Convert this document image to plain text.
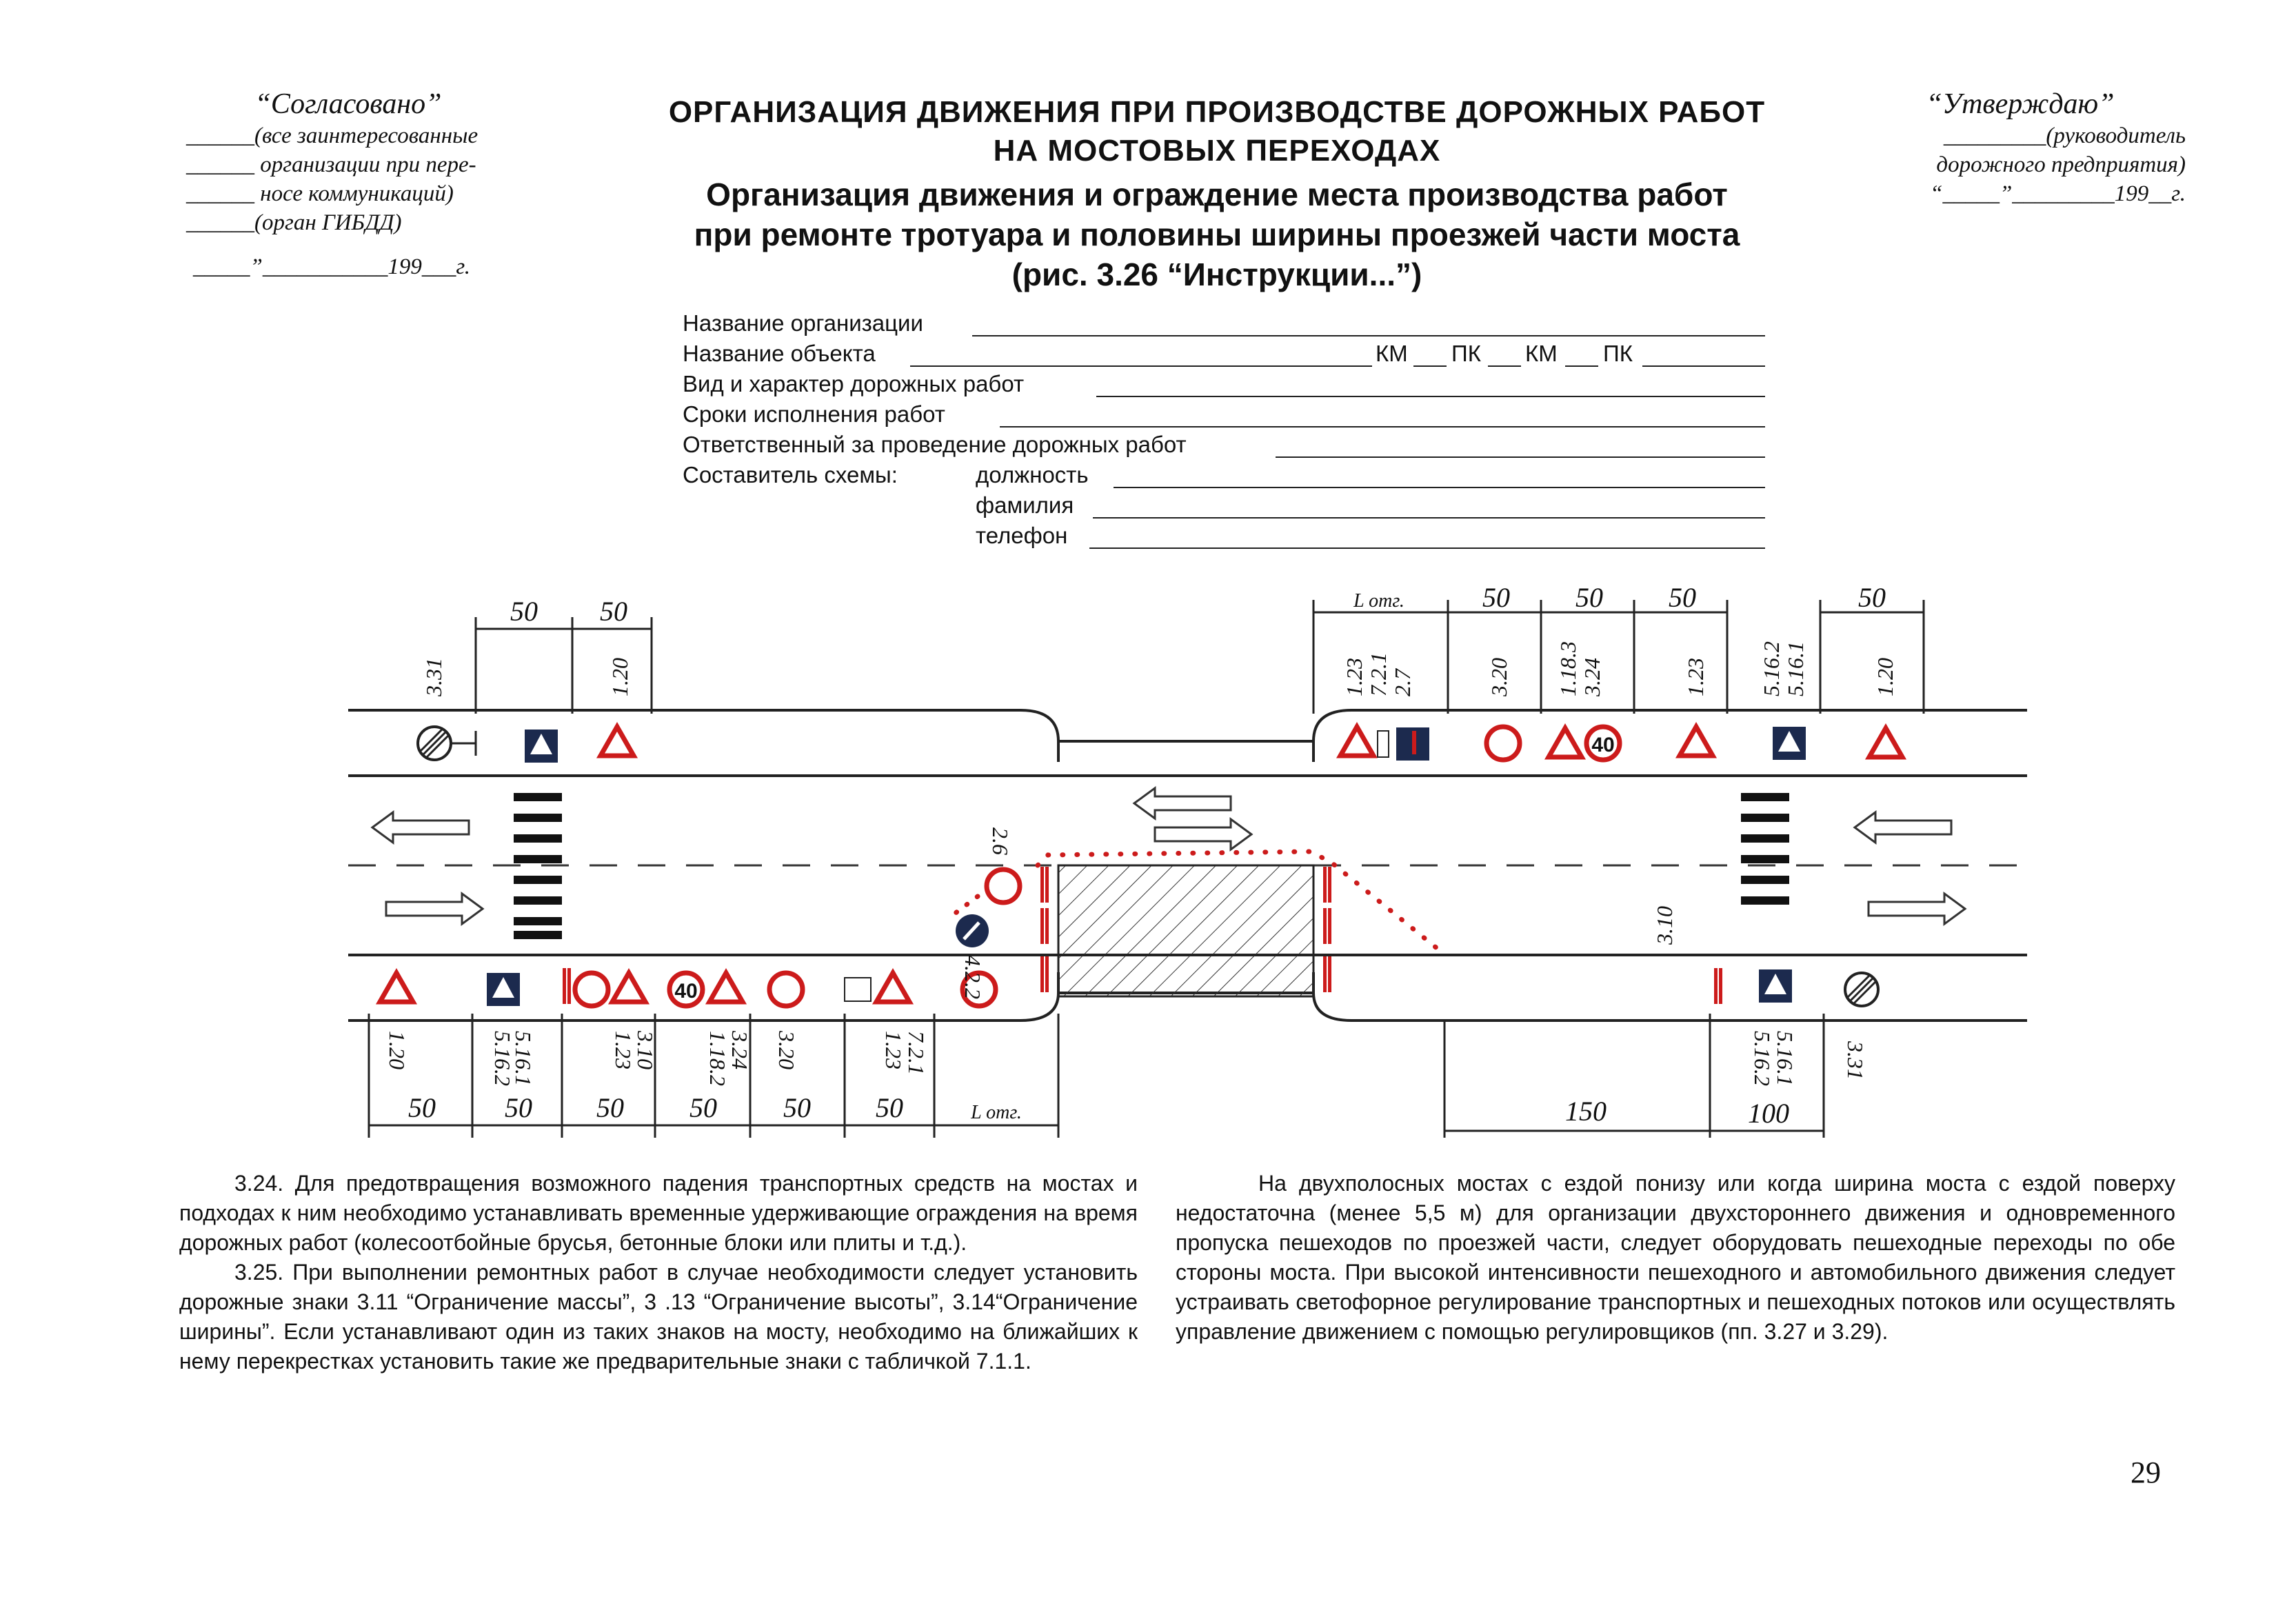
“Согласовано”
______(все заинтересованные
______ организации при пере-
______ носе коммуникаций)
______(орган ГИБДД)
_____”___________199___г.
ОРГАНИЗАЦИЯ ДВИЖЕНИЯ ПРИ ПРОИЗВОДСТВЕ ДОРОЖНЫХ РАБОТ
НА МОСТОВЫХ ПЕРЕХОДАХ
Организация движения и ограждение места производства работ
при ремонте тротуара и половины ширины проезжей части моста
(рис. 3.26 “Инструкции...”)
“Утверждаю”
_________(руководитель
дорожного предприятия)
“_____”_________199__г.
Название организации
Название объекта	КМ ПК КМ ПК
Вид и характер дорожных работ
Сроки исполнения работ
Ответственный за проведение дорожных работ
Составитель схемы:	должность
фамилия
телефон
40
40
50 50	L отг.	50 50 50	50
50	50 50 50 50 50	L отг.	150	100
3.31	1.20	1.23 7.2.1 2.7	3.20 1.18.3 3.24	1.23 5.16.2 5.16.1	1.20
1.20	5.16.2
5.16.1	1.23
3.10 1.18.2
3.24 3.20	1.23
7.2.1	5.16.2
5.16.1 3.31
2.6
4.2.2
3.10
3.24. Для предотвращения возможного падения транспортных средств на мостах и подходах к ним необходимо устанавливать временные удерживающие ограждения на время дорожных работ (колесоотбойные брусья, бетонные блоки или плиты и т.д.).
3.25. При выполнении ремонтных работ в случае необходимости следует установить дорожные знаки 3.11 “Ограничение массы”, 3 .13 “Ограничение высоты”, 3.14“Ограничение ширины”. Если устанавливают один из таких знаков на мосту, необходимо на ближайших к нему перекрестках установить такие же предварительные знаки с табличкой 7.1.1.
На двухполосных мостах с ездой понизу или когда ширина моста с ездой поверху недостаточна (менее 5,5 м) для организации двухстороннего движения и одновременного пропуска пешеходов по проезжей части, следует оборудовать пешеходные переходы по обе стороны моста. При высокой интенсивности пешеходного и автомобильного движения следует устраивать светофорное регулирование транспортных и пешеходных потоков или осуществлять управление движением с помощью регулировщиков (пп. 3.27 и 3.29).
29
